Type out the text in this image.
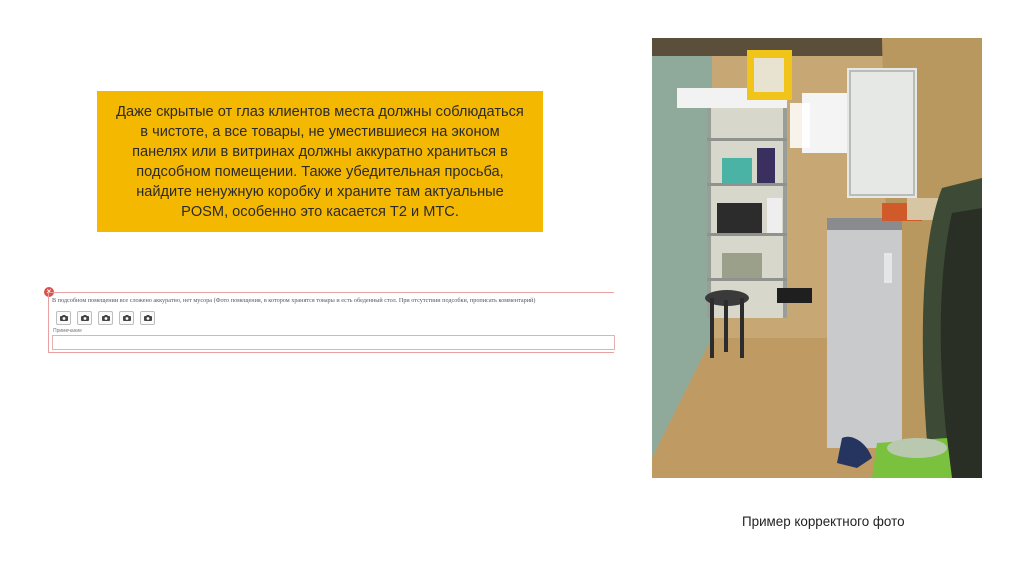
Даже скрытые от глаз клиентов места должны соблюдаться в чистоте, а все товары, не уместившиеся на эконом панелях или в витринах должны аккуратно храниться в подсобном помещении. Также убедительная просьба, найдите ненужную коробку и храните там актуальные POSM, особенно это касается Т2 и МТС.
×
В подсобном помещении все сложено аккуратно, нет мусора (Фото помещения, в котором хранятся товары и есть обеденный стол. При отсутствии подсобки, прописать комментарий)
Примечание
Пример корректного фото
